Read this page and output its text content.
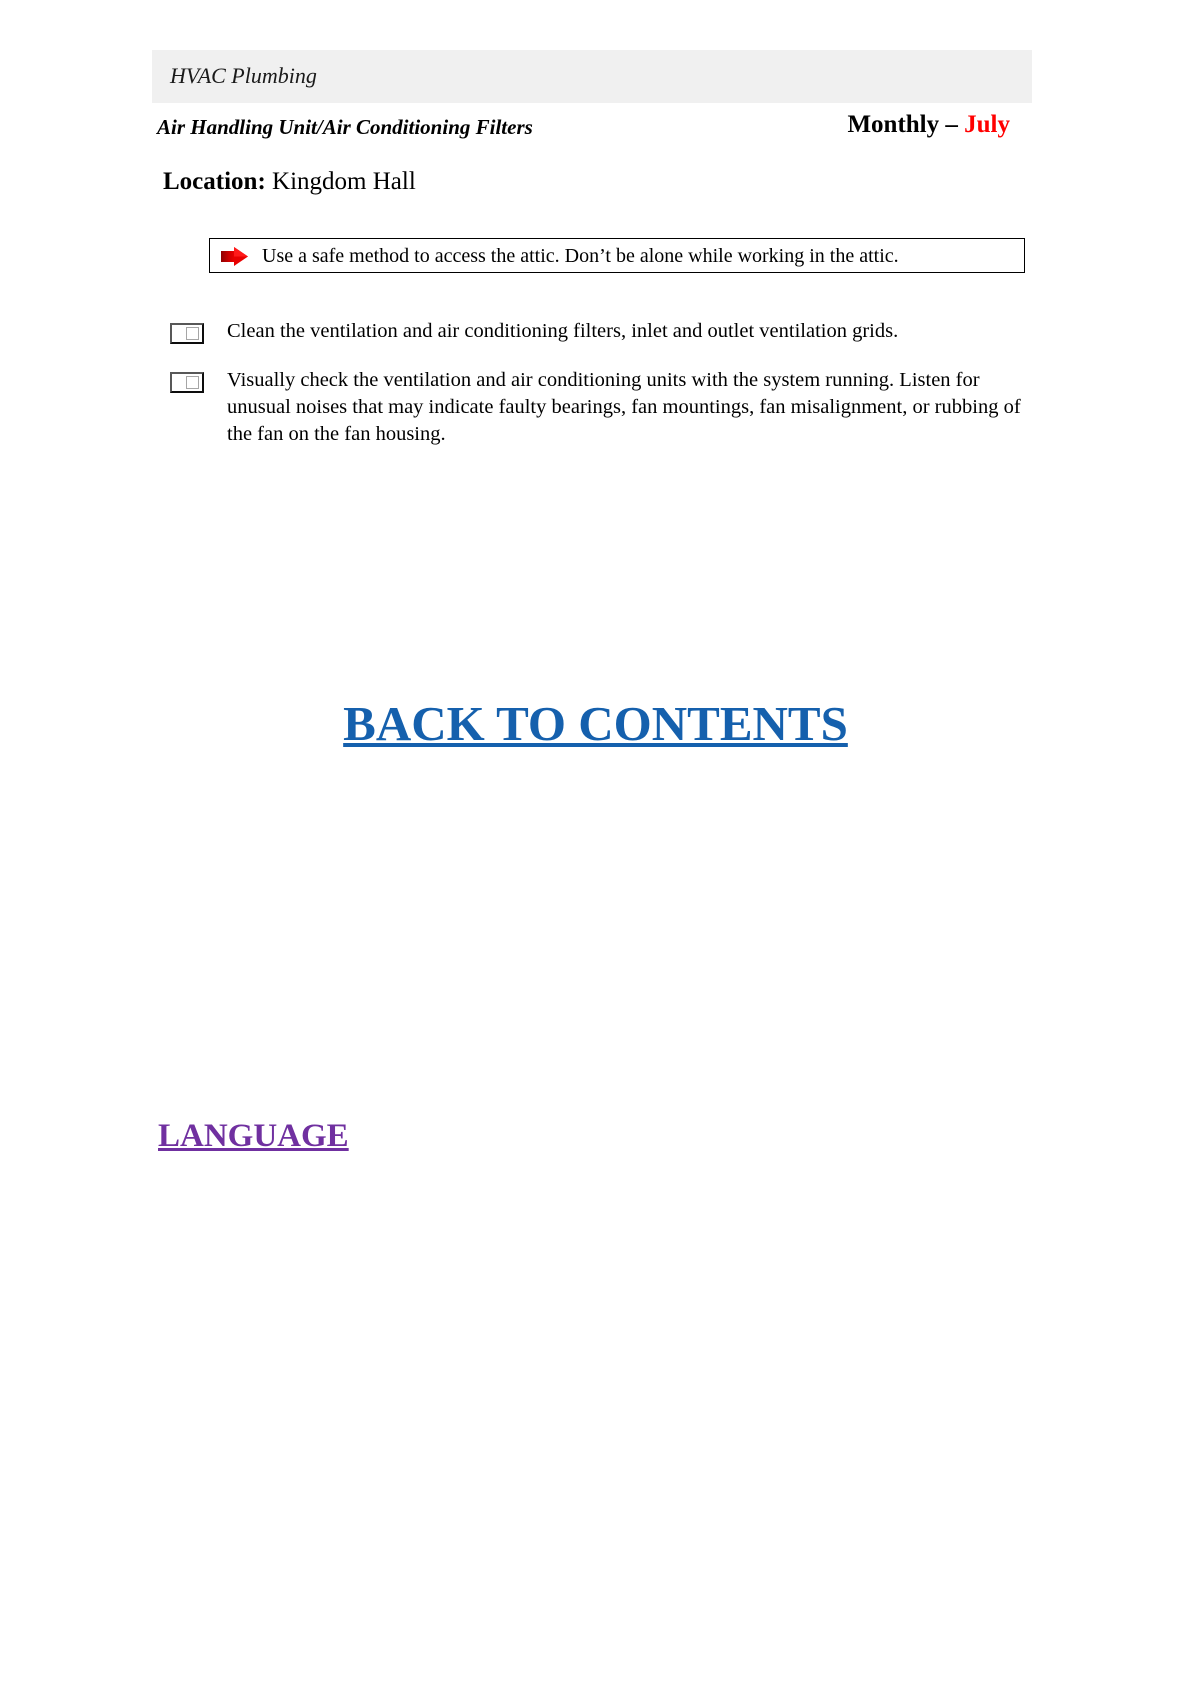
HVAC Plumbing
Air Handling Unit/Air Conditioning Filters	Monthly – July
Location: Kingdom Hall
Use a safe method to access the attic. Don’t be alone while working in the attic.
Clean the ventilation and air conditioning filters, inlet and outlet ventilation grids.
Visually check the ventilation and air conditioning units with the system running. Listen for unusual noises that may indicate faulty bearings, fan mountings, fan misalignment, or rubbing of the fan on the fan housing.
BACK TO CONTENTS
LANGUAGE
